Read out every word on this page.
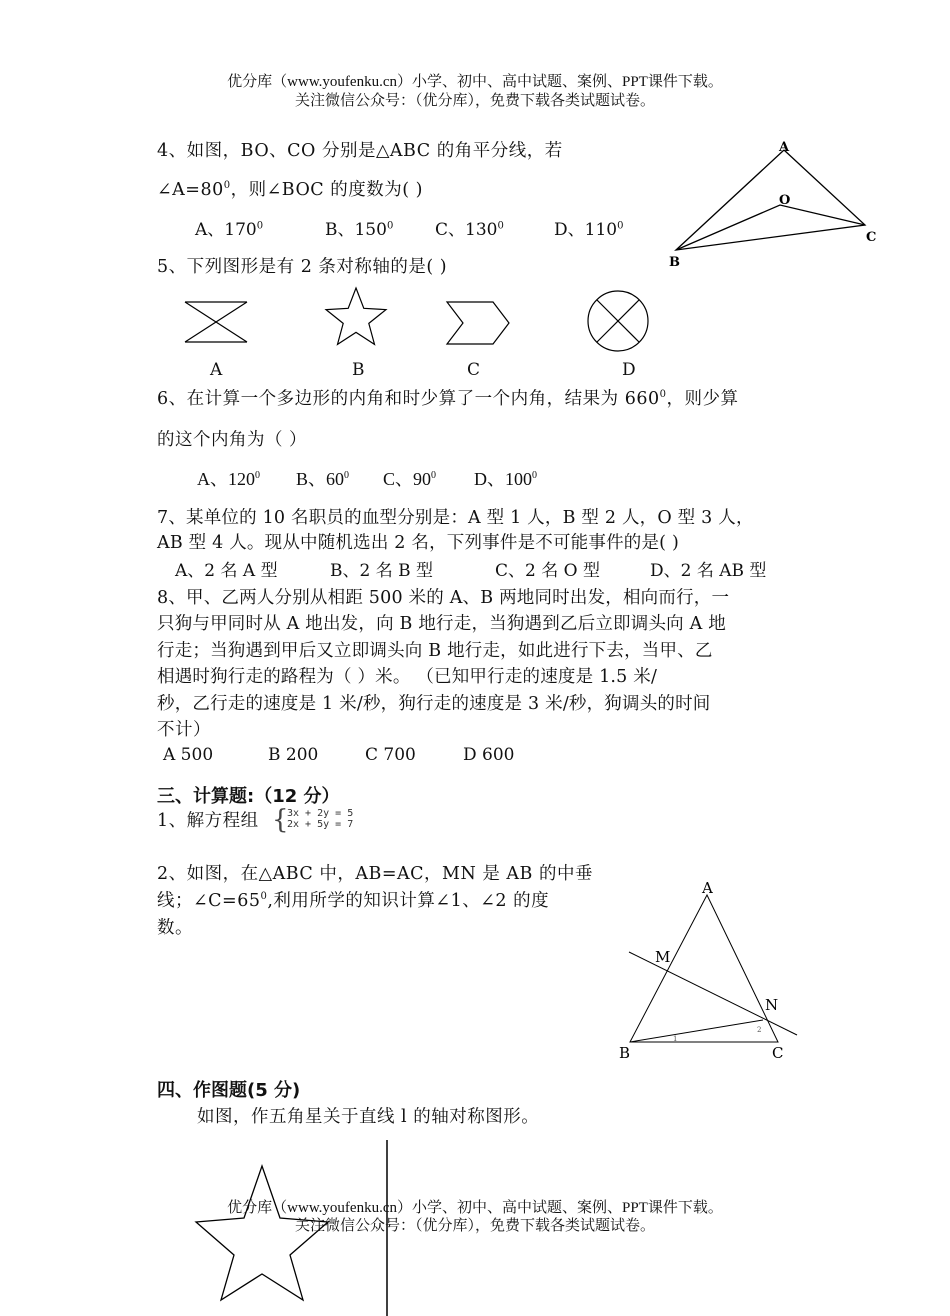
优分库（www.youfenku.cn）小学、初中、高中试题、案例、PPT课件下载。
关注微信公众号：（优分库），免费下载各类试题试卷。
4、如图，BO、CO 分别是△ABC 的角平分线，若
$\angle A=80^0$，则∠BOC 的度数为( )
A、$170^0$	B、$150^0$ C、$130^0$	D、$110^0$
A
O
B
C
5、下列图形是有 2 条对称轴的是( )
A	B	C	D
6、在计算一个多边形的内角和时少算了一个内角，结果为 $660^0$，则少算
的这个内角为（ ）
A、$120^0$ B、$60^0$ C、$90^0$ D、$100^0$
7、某单位的 10 名职员的血型分别是：A 型 1 人，B 型 2 人，O 型 3 人，
AB 型 4 人。现从中随机选出 2 名，下列事件是不可能事件的是( )
A、2 名 A 型	B、2 名 B 型	C、2 名 O 型	D、2 名 AB 型
8、甲、乙两人分别从相距 500 米的 A、B 两地同时出发，相向而行，一
只狗与甲同时从 A 地出发，向 B 地行走，当狗遇到乙后立即调头向 A 地
行走；当狗遇到甲后又立即调头向 B 地行走，如此进行下去，当甲、乙
相遇时狗行走的路程为（ ）米。 （已知甲行走的速度是 1.5 米/
秒，乙行走的速度是 1 米/秒，狗行走的速度是 3 米/秒，狗调头的时间
不计）
A 500	B 200	C 700	D 600
三、计算题:（12 分）
1、解方程组 {
3x + 2y = 5
2x + 5y = 7
2、如图，在△ABC 中，AB=AC，MN 是 AB 的中垂
线；$\angle C=65^0$,利用所学的知识计算∠1、∠2 的度
数。
A
M
N
B	C
1
2
四、作图题(5 分)
如图，作五角星关于直线 l 的轴对称图形。
优分库（www.youfenku.cn）小学、初中、高中试题、案例、PPT课件下载。
关注微信公众号：（优分库），免费下载各类试题试卷。
